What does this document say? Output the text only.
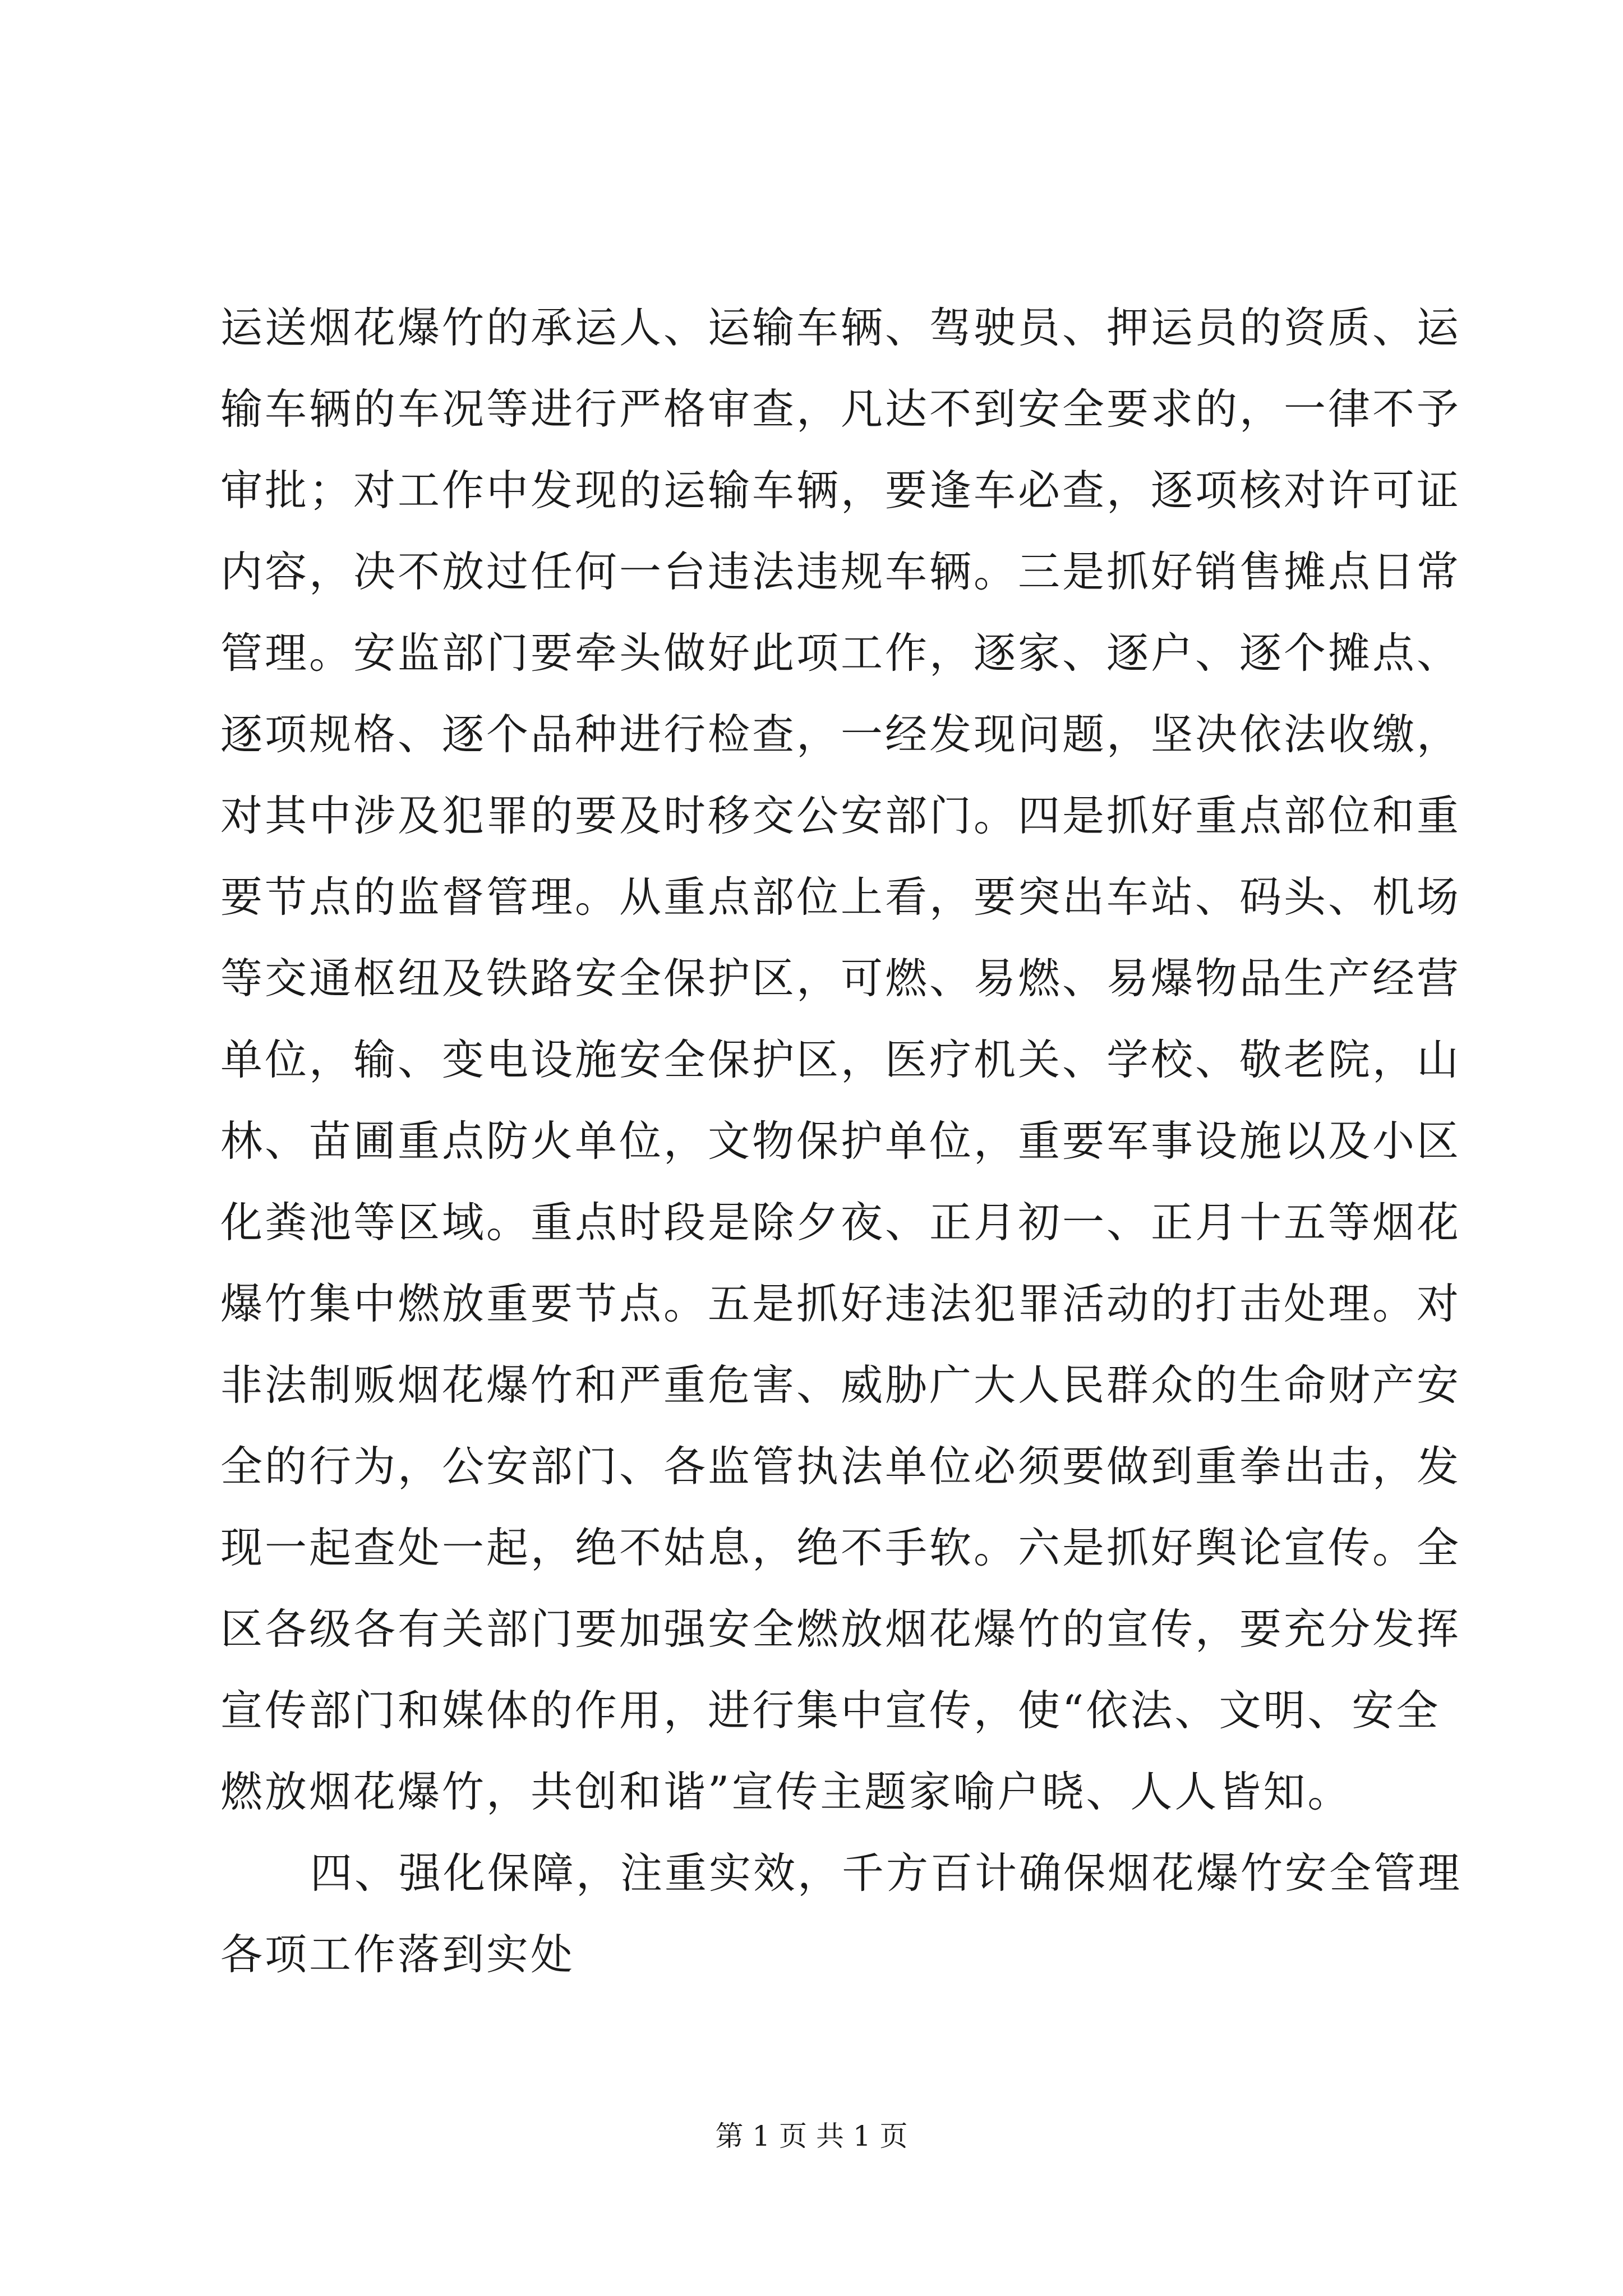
运送烟花爆竹的承运人、运输车辆、驾驶员、押运员的资质、运
输车辆的车况等进行严格审查，凡达不到安全要求的，一律不予
审批；对工作中发现的运输车辆，要逢车必查，逐项核对许可证
内容，决不放过任何一台违法违规车辆。三是抓好销售摊点日常
管理。安监部门要牵头做好此项工作，逐家、逐户、逐个摊点、
逐项规格、逐个品种进行检查，一经发现问题，坚决依法收缴，
对其中涉及犯罪的要及时移交公安部门。四是抓好重点部位和重
要节点的监督管理。从重点部位上看，要突出车站、码头、机场
等交通枢纽及铁路安全保护区，可燃、易燃、易爆物品生产经营
单位，输、变电设施安全保护区，医疗机关、学校、敬老院，山
林、苗圃重点防火单位，文物保护单位，重要军事设施以及小区
化粪池等区域。重点时段是除夕夜、正月初一、正月十五等烟花
爆竹集中燃放重要节点。五是抓好违法犯罪活动的打击处理。对
非法制贩烟花爆竹和严重危害、威胁广大人民群众的生命财产安
全的行为，公安部门、各监管执法单位必须要做到重拳出击，发
现一起查处一起，绝不姑息，绝不手软。六是抓好舆论宣传。全
区各级各有关部门要加强安全燃放烟花爆竹的宣传，要充分发挥
宣传部门和媒体的作用，进行集中宣传，使“依法、文明、安全
燃放烟花爆竹，共创和谐”宣传主题家喻户晓、人人皆知。
四、强化保障，注重实效，千方百计确保烟花爆竹安全管理
各项工作落到实处
第 1 页 共 1 页
